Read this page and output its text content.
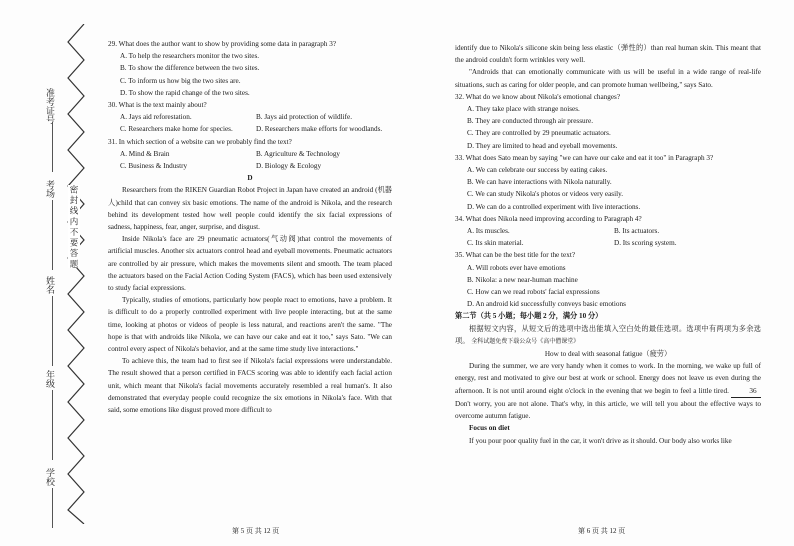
准考证号
考场
姓名
年级
学校
密 封 线 内 不 要 答 题

29. What does the author want to show by providing some data in paragraph 3?

A. To help the researchers monitor the two sites.

B. To show the difference between the two sites.

C. To inform us how big the two sites are.

D. To show the rapid change of the two sites.

30. What is the text mainly about?

A. Jays aid reforestation.	B. Jays aid protection of wildlife.
C. Researchers make home for species.	D. Researchers make efforts for woodlands.

31. In which section of a website can we probably find the text?

A. Mind & Brain	B. Agriculture & Technology
C. Business & Industry	D. Biology & Ecology

D

Researchers from the RIKEN Guardian Robot Project in Japan have created an android (机器人)child that can convey six basic emotions. The name of the android is Nikola, and the research behind its development tested how well people could identify the six facial expressions of sadness, happiness, fear, anger, surprise, and disgust.

Inside Nikola's face are 29 pneumatic actuators(气动阀)that control the movements of artificial muscles. Another six actuators control head and eyeball movements. Pneumatic actuators are controlled by air pressure, which makes the movements silent and smooth. The team placed the actuators based on the Facial Action Coding System (FACS), which has been used extensively to study facial expressions.

Typically, studies of emotions, particularly how people react to emotions, have a problem. It is difficult to do a properly controlled experiment with live people interacting, but at the same time, looking at photos or videos of people is less natural, and reactions aren't the same. "The hope is that with androids like Nikola, we can have our cake and eat it too," says Sato. "We can control every aspect of Nikola's behavior, and at the same time study live interactions."

To achieve this, the team had to first see if Nikola's facial expressions were understandable. The result showed that a person certified in FACS scoring was able to identify each facial action unit, which meant that Nikola's facial movements accurately resembled a real human's. It also demonstrated that everyday people could recognize the six emotions in Nikola's face. With that said, some emotions like disgust proved more difficult to

第 5 页 共 12 页

identify due to Nikola's silicone skin being less elastic（弹性的）than real human skin. This meant that the android couldn't form wrinkles very well.

"Androids that can emotionally communicate with us will be useful in a wide range of real-life situations, such as caring for older people, and can promote human wellbeing," says Sato.

32. What do we know about Nikola's emotional changes?

A. They take place with strange noises.

B. They are conducted through air pressure.

C. They are controlled by 29 pneumatic actuators.

D. They are limited to head and eyeball movements.

33. What does Sato mean by saying "we can have our cake and eat it too" in Paragraph 3?

A. We can celebrate our success by eating cakes.

B. We can have interactions with Nikola naturally.

C. We can study Nikola's photos or videos very easily.

D. We can do a controlled experiment with live interactions.

34. What does Nikola need improving according to Paragraph 4?

A. Its muscles.	B. Its actuators.
C. Its skin material.	D. Its scoring system.

35. What can be the best title for the text?

A. Will robots ever have emotions

B. Nikola: a new near-human machine

C. How can we read robots' facial expressions

D. An android kid successfully conveys basic emotions

第二节（共 5 小题；每小题 2 分，满分 10 分）

根据短文内容，从短文后的选项中选出能填入空白处的最佳选项。选项中有两项为多余选项。 全科试题免费下载公众号《高中僧课堂》

How to deal with seasonal fatigue（疲劳）

During the summer, we are very handy when it comes to work. In the morning, we wake up full of energy, rest and motivated to give our best at work or school. Energy does not leave us even during the afternoon. It is not until around eight o'clock in the evening that we begin to feel a little tired.	36 Don't worry, you are not alone. That's why, in this article, we will tell you about the effective ways to overcome autumn fatigue.

Focus on diet

If you pour poor quality fuel in the car, it won't drive as it should. Our body also works like

第 6 页 共 12 页
